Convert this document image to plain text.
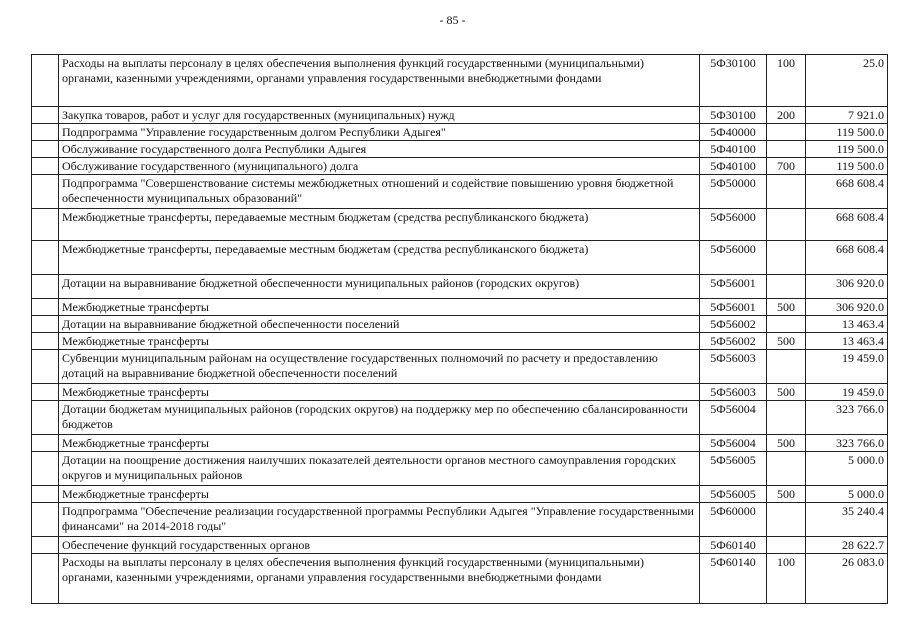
- 85 -
	Расходы на выплаты персоналу в целях обеспечения выполнения функций государственными (муниципальными) органами, казенными учреждениями, органами управления государственными внебюджетными фондами	5Ф30100	100	25.0
	Закупка товаров, работ и услуг для государственных (муниципальных) нужд	5Ф30100	200	7 921.0
	Подпрограмма "Управление государственным долгом Республики Адыгея"	5Ф40000		119 500.0
	Обслуживание государственного долга Республики Адыгея	5Ф40100		119 500.0
	Обслуживание государственного (муниципального) долга	5Ф40100	700	119 500.0
	Подпрограмма "Совершенствование системы межбюджетных отношений и содействие повышению уровня бюджетной обеспеченности муниципальных образований"	5Ф50000		668 608.4
	Межбюджетные трансферты, передаваемые местным бюджетам (средства республиканского бюджета)	5Ф56000		668 608.4
	Межбюджетные трансферты, передаваемые местным бюджетам (средства республиканского бюджета)	5Ф56000		668 608.4
	Дотации на выравнивание бюджетной обеспеченности муниципальных районов (городских округов)	5Ф56001		306 920.0
	Межбюджетные трансферты	5Ф56001	500	306 920.0
	Дотации на выравнивание бюджетной обеспеченности поселений	5Ф56002		13 463.4
	Межбюджетные трансферты	5Ф56002	500	13 463.4
	Субвенции муниципальным районам на осуществление государственных полномочий по расчету и предоставлению дотаций на выравнивание бюджетной обеспеченности поселений	5Ф56003		19 459.0
	Межбюджетные трансферты	5Ф56003	500	19 459.0
	Дотации бюджетам муниципальных районов (городских округов) на поддержку мер по обеспечению сбалансированности бюджетов	5Ф56004		323 766.0
	Межбюджетные трансферты	5Ф56004	500	323 766.0
	Дотации на поощрение достижения наилучших показателей деятельности органов местного самоуправления городских округов и муниципальных районов	5Ф56005		5 000.0
	Межбюджетные трансферты	5Ф56005	500	5 000.0
	Подпрограмма "Обеспечение реализации государственной программы Республики Адыгея "Управление государственными финансами" на 2014-2018 годы"	5Ф60000		35 240.4
	Обеспечение функций государственных органов	5Ф60140		28 622.7
	Расходы на выплаты персоналу в целях обеспечения выполнения функций государственными (муниципальными) органами, казенными учреждениями, органами управления государственными внебюджетными фондами	5Ф60140	100	26 083.0
